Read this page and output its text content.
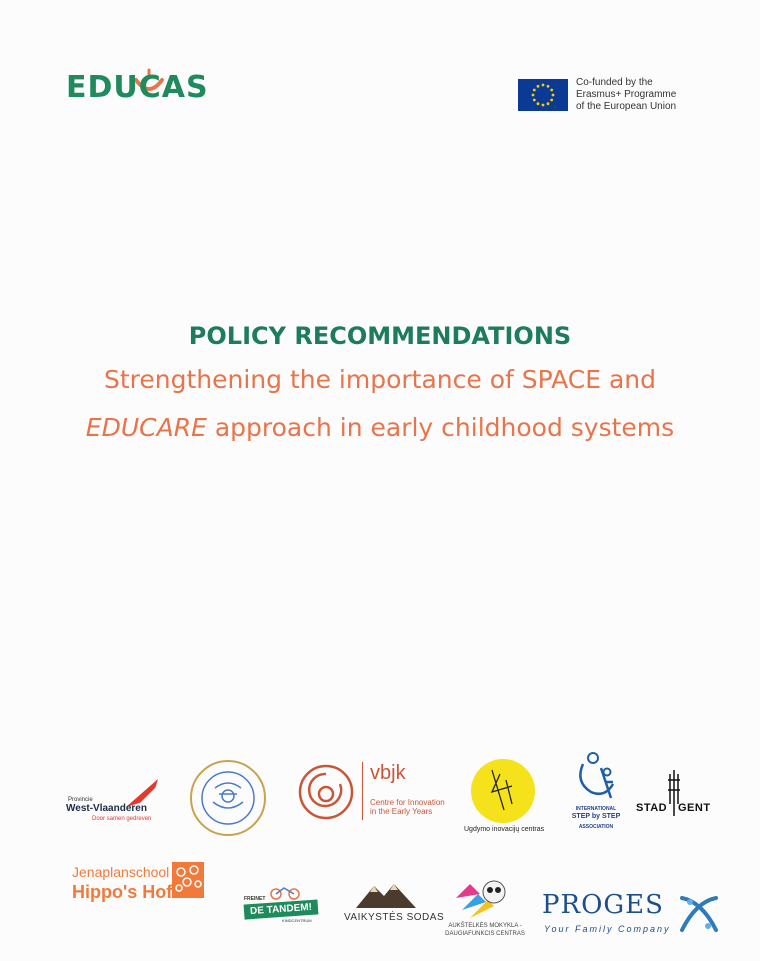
EDUCAS	Co-funded by the
Erasmus+ Programme
of the European Union
POLICY RECOMMENDATIONS
Strengthening the importance of SPACE and
EDUCARE approach in early childhood systems
Provincie
West-Vlaanderen
Door samen gedreven
vbjk
Centre for Innovation
in the Early Years
Ugdymo inovacijų centras
INTERNATIONAL
STEP by STEP
ASSOCIATION
STAD GENT
Jenaplanschool
Hippo's Hof	FREINET
DE TANDEM!
KINDCENTRUM	VAIKYSTĖS SODAS
AUKŠTELKĖS MOKYKLA -
DAUGIAFUNKCIS CENTRAS
PROGES
Your Family Company
